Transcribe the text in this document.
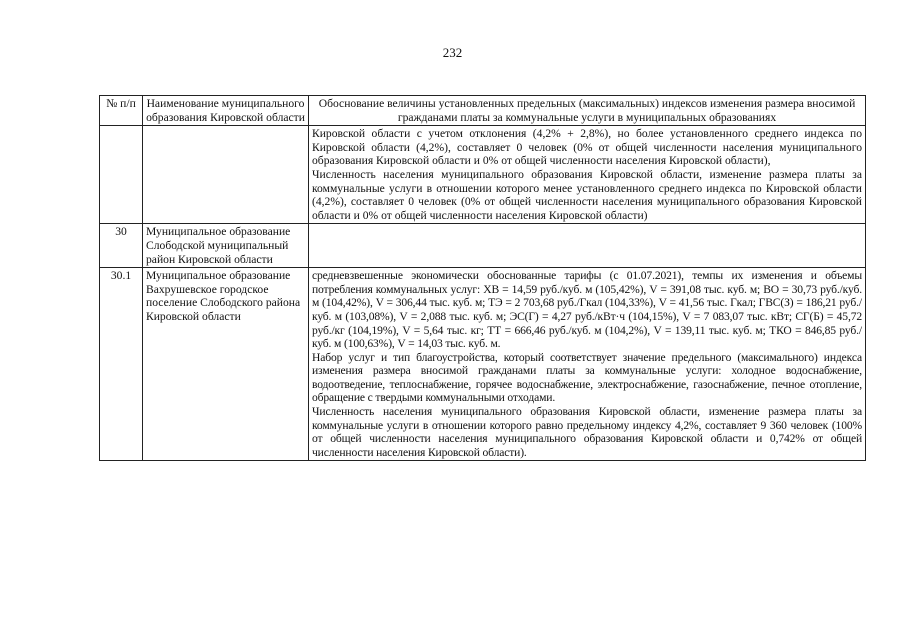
232
№ п/п	Наименование муниципального образования Кировской области	Обоснование величины установленных предельных (максимальных) индексов изменения размера вносимой гражданами платы за коммунальные услуги в муниципальных образованиях

		Кировской области с учетом отклонения (4,2% + 2,8%), но более установленного среднего индекса по Кировской области (4,2%), составляет 0 человек (0% от общей численности населения муниципального образования Кировской области и 0% от общей численности населения Кировской области),

Численность населения муниципального образования Кировской области, изменение размера платы за коммунальные услуги в отношении которого менее установленного среднего индекса по Кировской области (4,2%), составляет 0 человек (0% от общей численности населения муниципального образования Кировской области и 0% от общей численности населения Кировской области)

30	Муниципальное образование Слободской муниципальный район Кировской области	
30.1	Муниципальное образование Вахрушевское городское поселение Слободского района Кировской области	средневзвешенные экономически обоснованные тарифы (с 01.07.2021), темпы их изменения и объемы потребления коммунальных услуг: ХВ = 14,59 руб./куб. м (105,42%), V = 391,08 тыс. куб. м; ВО = 30,73 руб./куб. м (104,42%), V = 306,44 тыс. куб. м; ТЭ = 2 703,68 руб./Гкал (104,33%), V = 41,56 тыс. Гкал; ГВС(З) = 186,21 руб./куб. м (103,08%), V = 2,088 тыс. куб. м; ЭС(Г) = 4,27 руб./кВт·ч (104,15%), V = 7 083,07 тыс. кВт; СГ(Б) = 45,72 руб./кг (104,19%), V = 5,64 тыс. кг; ТТ = 666,46 руб./куб. м (104,2%), V = 139,11 тыс. куб. м; ТКО = 846,85 руб./куб. м (100,63%), V = 14,03 тыс. куб. м.

Набор услуг и тип благоустройства, который соответствует значение предельного (максимального) индекса изменения размера вносимой гражданами платы за коммунальные услуги: холодное водоснабжение, водоотведение, теплоснабжение, горячее водоснабжение, электроснабжение, газоснабжение, печное отопление, обращение с твердыми коммунальными отходами.

Численность населения муниципального образования Кировской области, изменение размера платы за коммунальные услуги в отношении которого равно предельному индексу 4,2%, составляет 9 360 человек (100% от общей численности населения муниципального образования Кировской области и 0,742% от общей численности населения Кировской области).
